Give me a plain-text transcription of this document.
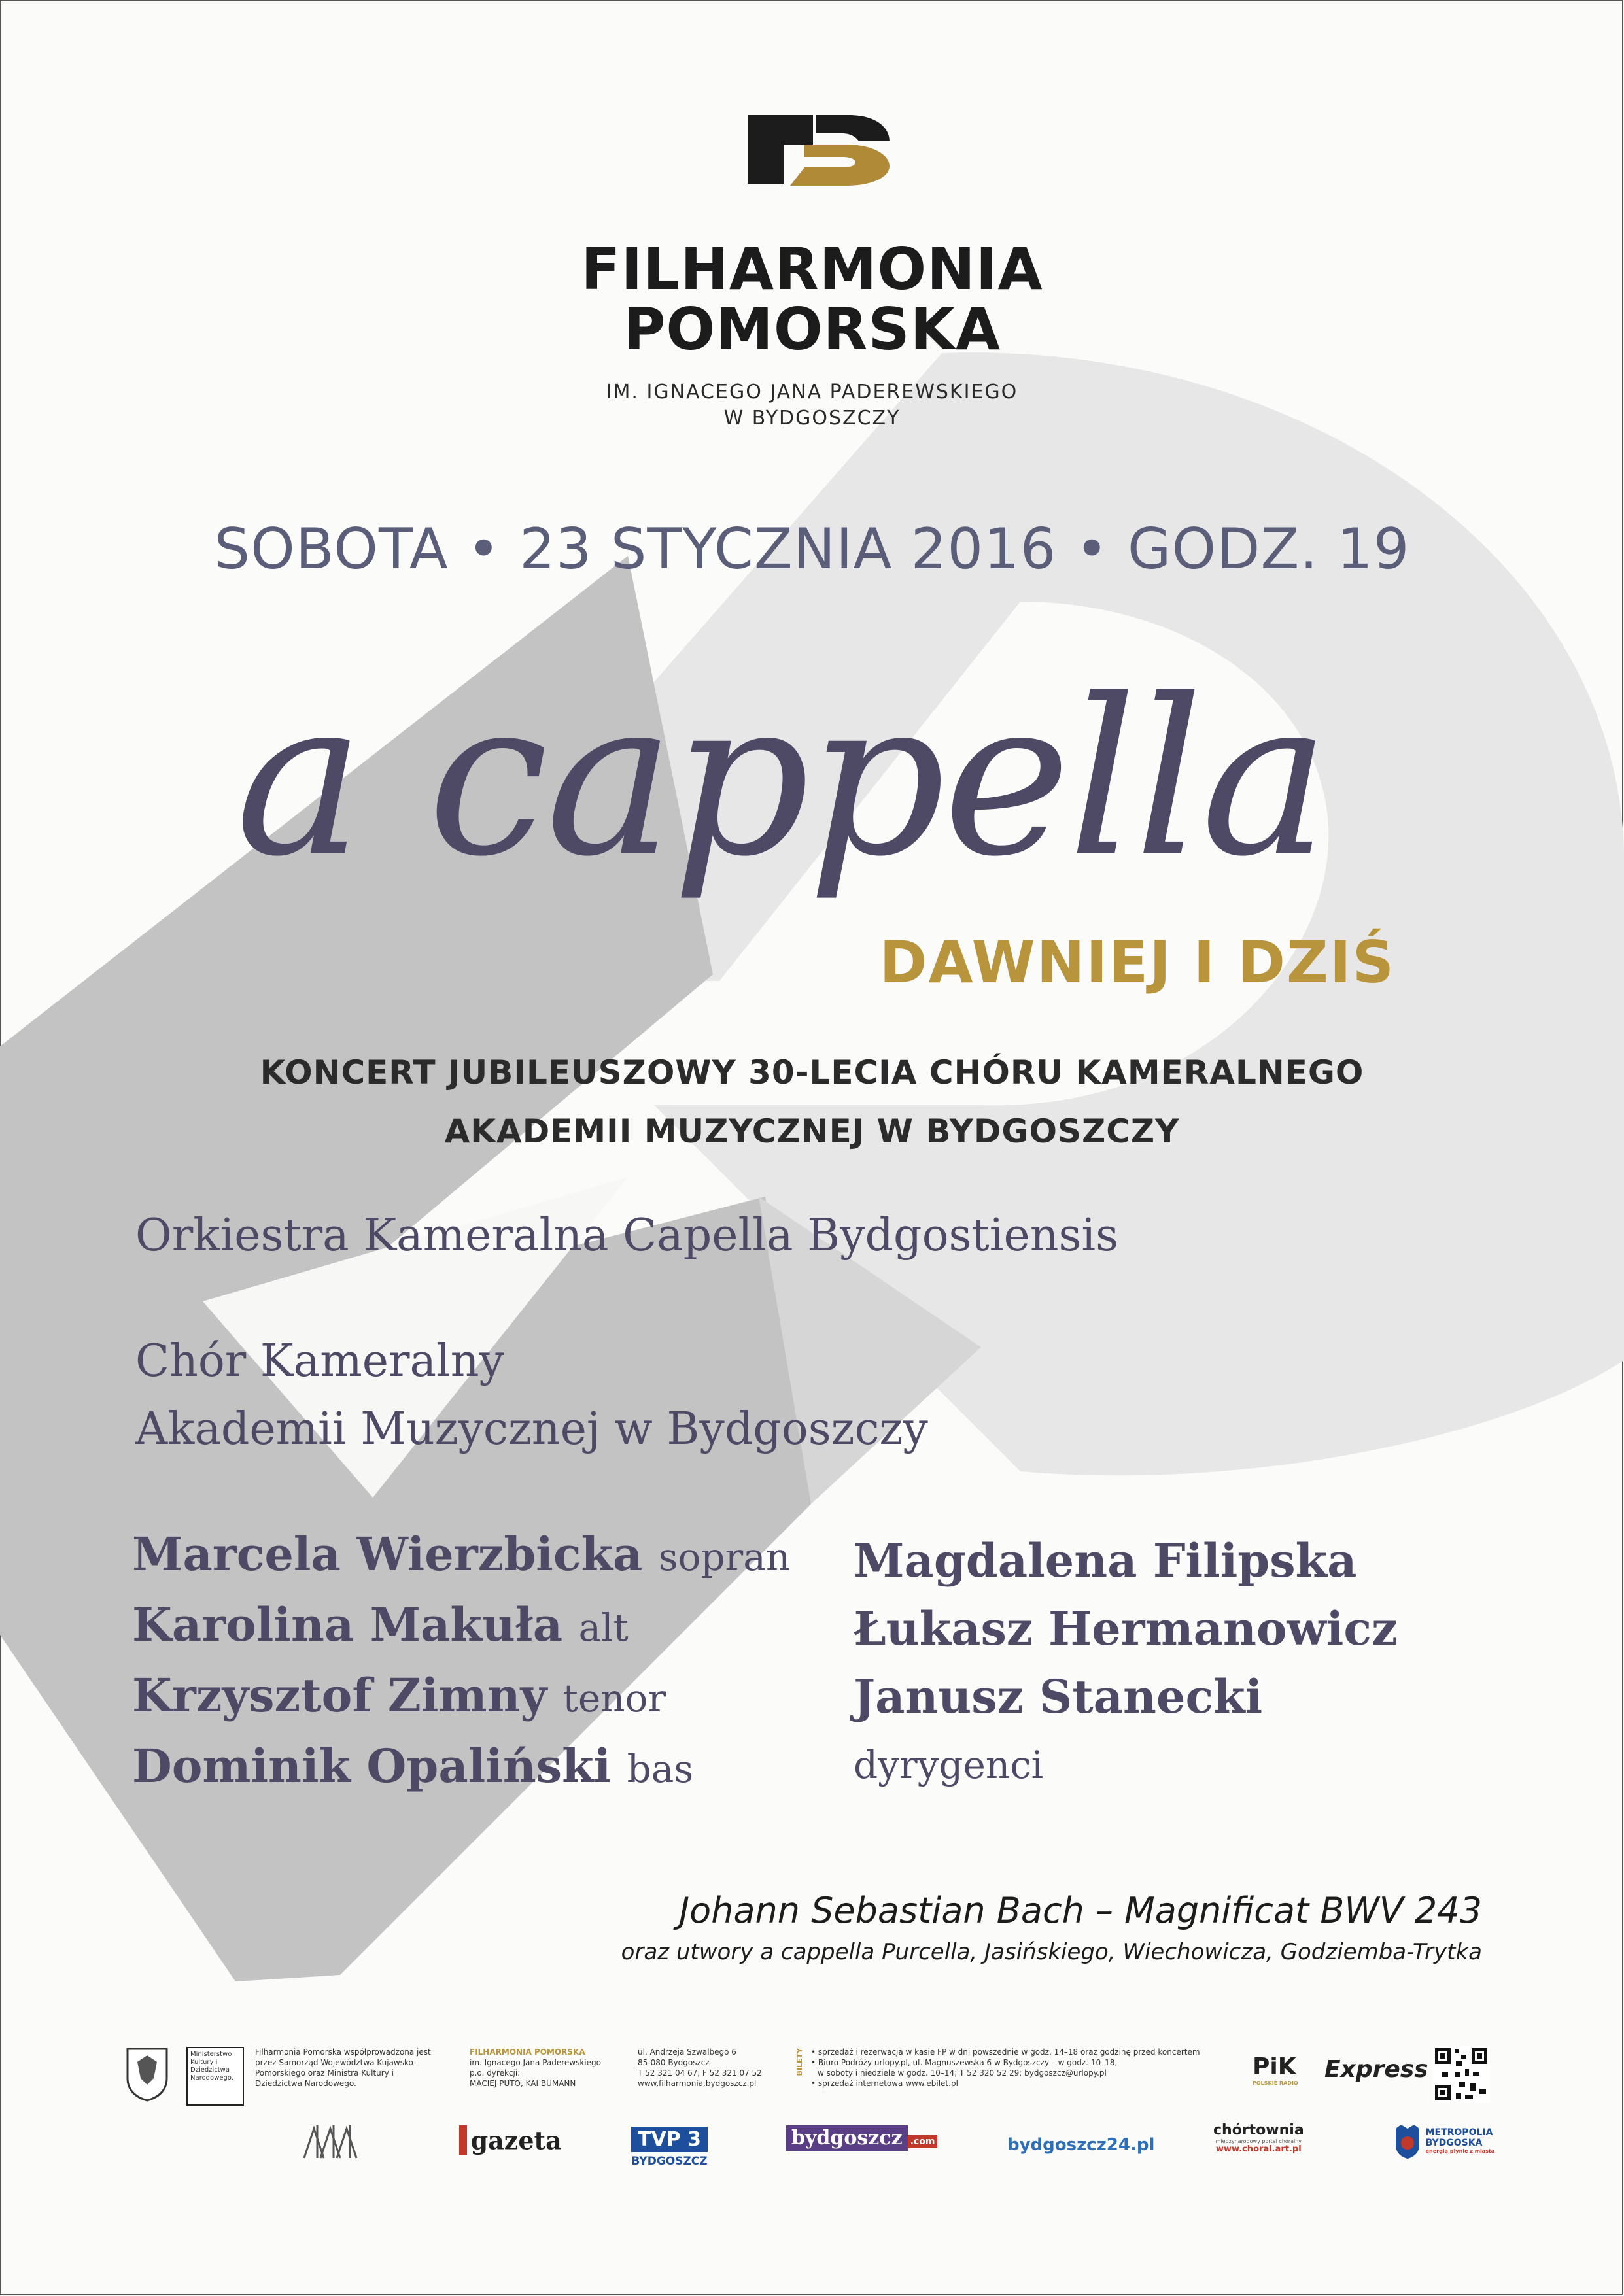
FILHARMONIA
POMORSKA
IM. IGNACEGO JANA PADEREWSKIEGO
W BYDGOSZCZY
SOBOTA • 23 STYCZNIA 2016 • GODZ. 19
a cappella
DAWNIEJ I DZIŚ
KONCERT JUBILEUSZOWY 30-LECIA CHÓRU KAMERALNEGO
AKADEMII MUZYCZNEJ W BYDGOSZCZY
Orkiestra Kameralna Capella Bydgostiensis
Chór Kameralny
Akademii Muzycznej w Bydgoszczy
Marcela Wierzbicka sopran
Karolina Makuła alt
Krzysztof Zimny tenor
Dominik Opaliński bas
Magdalena Filipska
Łukasz Hermanowicz
Janusz Stanecki
dyrygenci
Johann Sebastian Bach – Magnificat BWV 243
oraz utwory a cappella Purcella, Jasińskiego, Wiechowicza, Godziemba-Trytka
Ministerstwo Kultury i Dziedzictwa Narodowego.
Filharmonia Pomorska współprowadzona jest przez Samorząd Województwa Kujawsko-Pomorskiego oraz Ministra Kultury i Dziedzictwa Narodowego.
FILHARMONIA POMORSKA
im. Ignacego Jana Paderewskiego
p.o. dyrekcji:
MACIEJ PUTO, KAI BUMANN
ul. Andrzeja Szwalbego 6
85-080 Bydgoszcz
T 52 321 04 67, F 52 321 07 52
www.filharmonia.bydgoszcz.pl
BILETY • sprzedaż i rezerwacja w kasie FP w dni powszednie w godz. 14–18 oraz godzinę przed koncertem
• Biuro Podróży urlopy.pl, ul. Magnuszewska 6 w Bydgoszczy – w godz. 10–18,
w soboty i niedziele w godz. 10–14; T 52 320 52 29; bydgoszcz@urlopy.pl
• sprzedaż internetowa www.ebilet.pl
PiK
POLSKIE RADIO
Express
gazeta	TVP 3
BYDGOSZCZ
bydgoszcz .com	bydgoszcz24.pl
chórtownia
międzynarodowy portal chóralny
www.choral.art.pl

METROPOLIA BYDGOSKA
energią płynie z miasta
